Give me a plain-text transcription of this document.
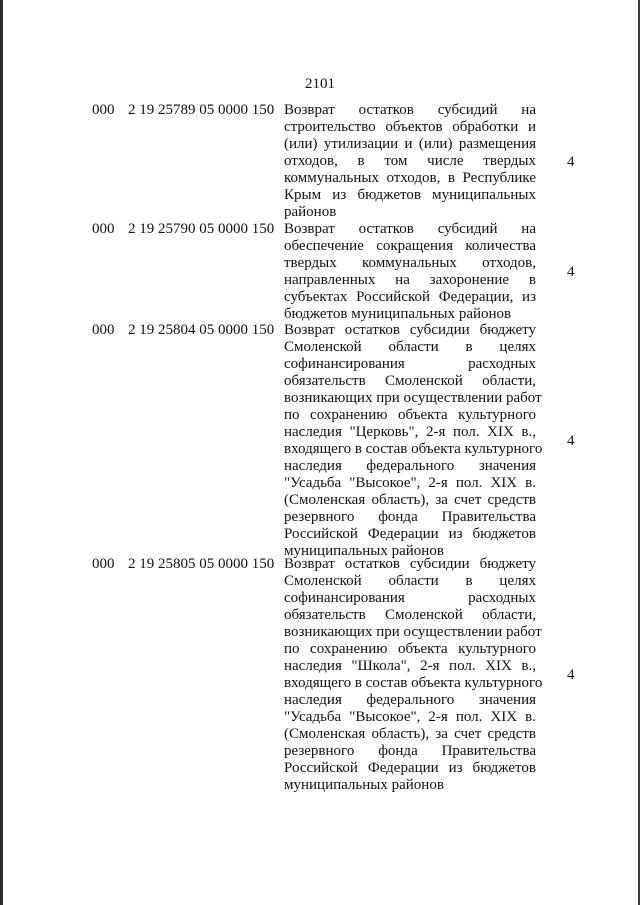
2101
000 2 19 25789 05 0000 150 Возврат остатков субсидий на
строительство объектов обработки и
(или) утилизации и (или) размещения
отходов, в том числе твердых
коммунальных отходов, в Республике
Крым из бюджетов муниципальных
районов
4
000 2 19 25790 05 0000 150 Возврат остатков субсидий на
обеспечение сокращения количества
твердых коммунальных отходов,
направленных на захоронение в
субъектах Российской Федерации, из
бюджетов муниципальных районов
4
000 2 19 25804 05 0000 150 Возврат остатков субсидии бюджету
Смоленской области в целях
софинансирования расходных
обязательств Смоленской области,
возникающих при осуществлении работ
по сохранению объекта культурного
наследия "Церковь", 2-я пол. XIX в.,
входящего в состав объекта культурного
наследия федерального значения
"Усадьба "Высокое", 2-я пол. XIX в.
(Смоленская область), за счет средств
резервного фонда Правительства
Российской Федерации из бюджетов
муниципальных районов
4
000 2 19 25805 05 0000 150 Возврат остатков субсидии бюджету
Смоленской области в целях
софинансирования расходных
обязательств Смоленской области,
возникающих при осуществлении работ
по сохранению объекта культурного
наследия "Школа", 2-я пол. XIX в.,
входящего в состав объекта культурного
наследия федерального значения
"Усадьба "Высокое", 2-я пол. XIX в.
(Смоленская область), за счет средств
резервного фонда Правительства
Российской Федерации из бюджетов
муниципальных районов
4
